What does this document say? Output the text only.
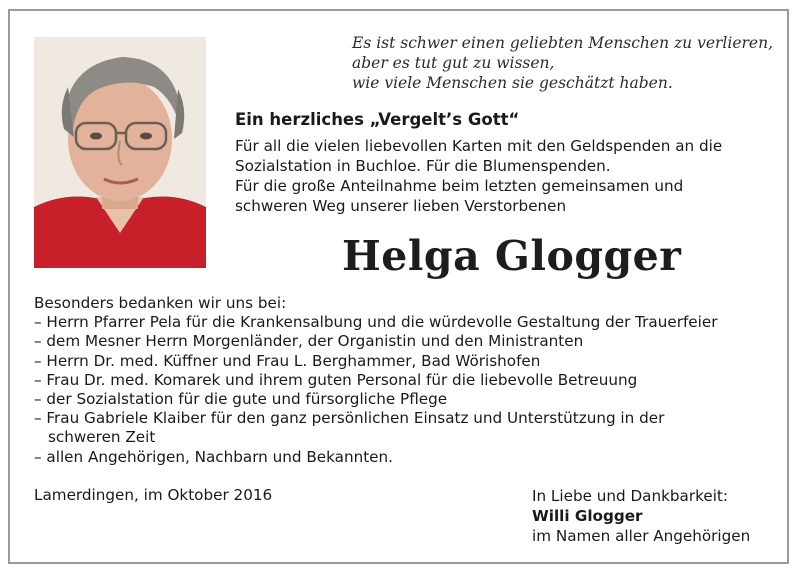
Es ist schwer einen geliebten Menschen zu verlieren,
aber es tut gut zu wissen,
wie viele Menschen sie geschätzt haben.
Ein herzliches „Vergelt’s Gott“
Für all die vielen liebevollen Karten mit den Geldspenden an die
Sozialstation in Buchloe. Für die Blumenspenden.
Für die große Anteilnahme beim letzten gemeinsamen und
schweren Weg unserer lieben Verstorbenen
Helga Glogger
Besonders bedanken wir uns bei:
– Herrn Pfarrer Pela für die Krankensalbung und die würdevolle Gestaltung der Trauerfeier
– dem Mesner Herrn Morgenländer, der Organistin und den Ministranten
– Herrn Dr. med. Küffner und Frau L. Berghammer, Bad Wörishofen
– Frau Dr. med. Komarek und ihrem guten Personal für die liebevolle Betreuung
– der Sozialstation für die gute und fürsorgliche Pflege
– Frau Gabriele Klaiber für den ganz persönlichen Einsatz und Unterstützung in der
schweren Zeit
– allen Angehörigen, Nachbarn und Bekannten.
Lamerdingen, im Oktober 2016	In Liebe und Dankbarkeit:
Willi Glogger
im Namen aller Angehörigen
